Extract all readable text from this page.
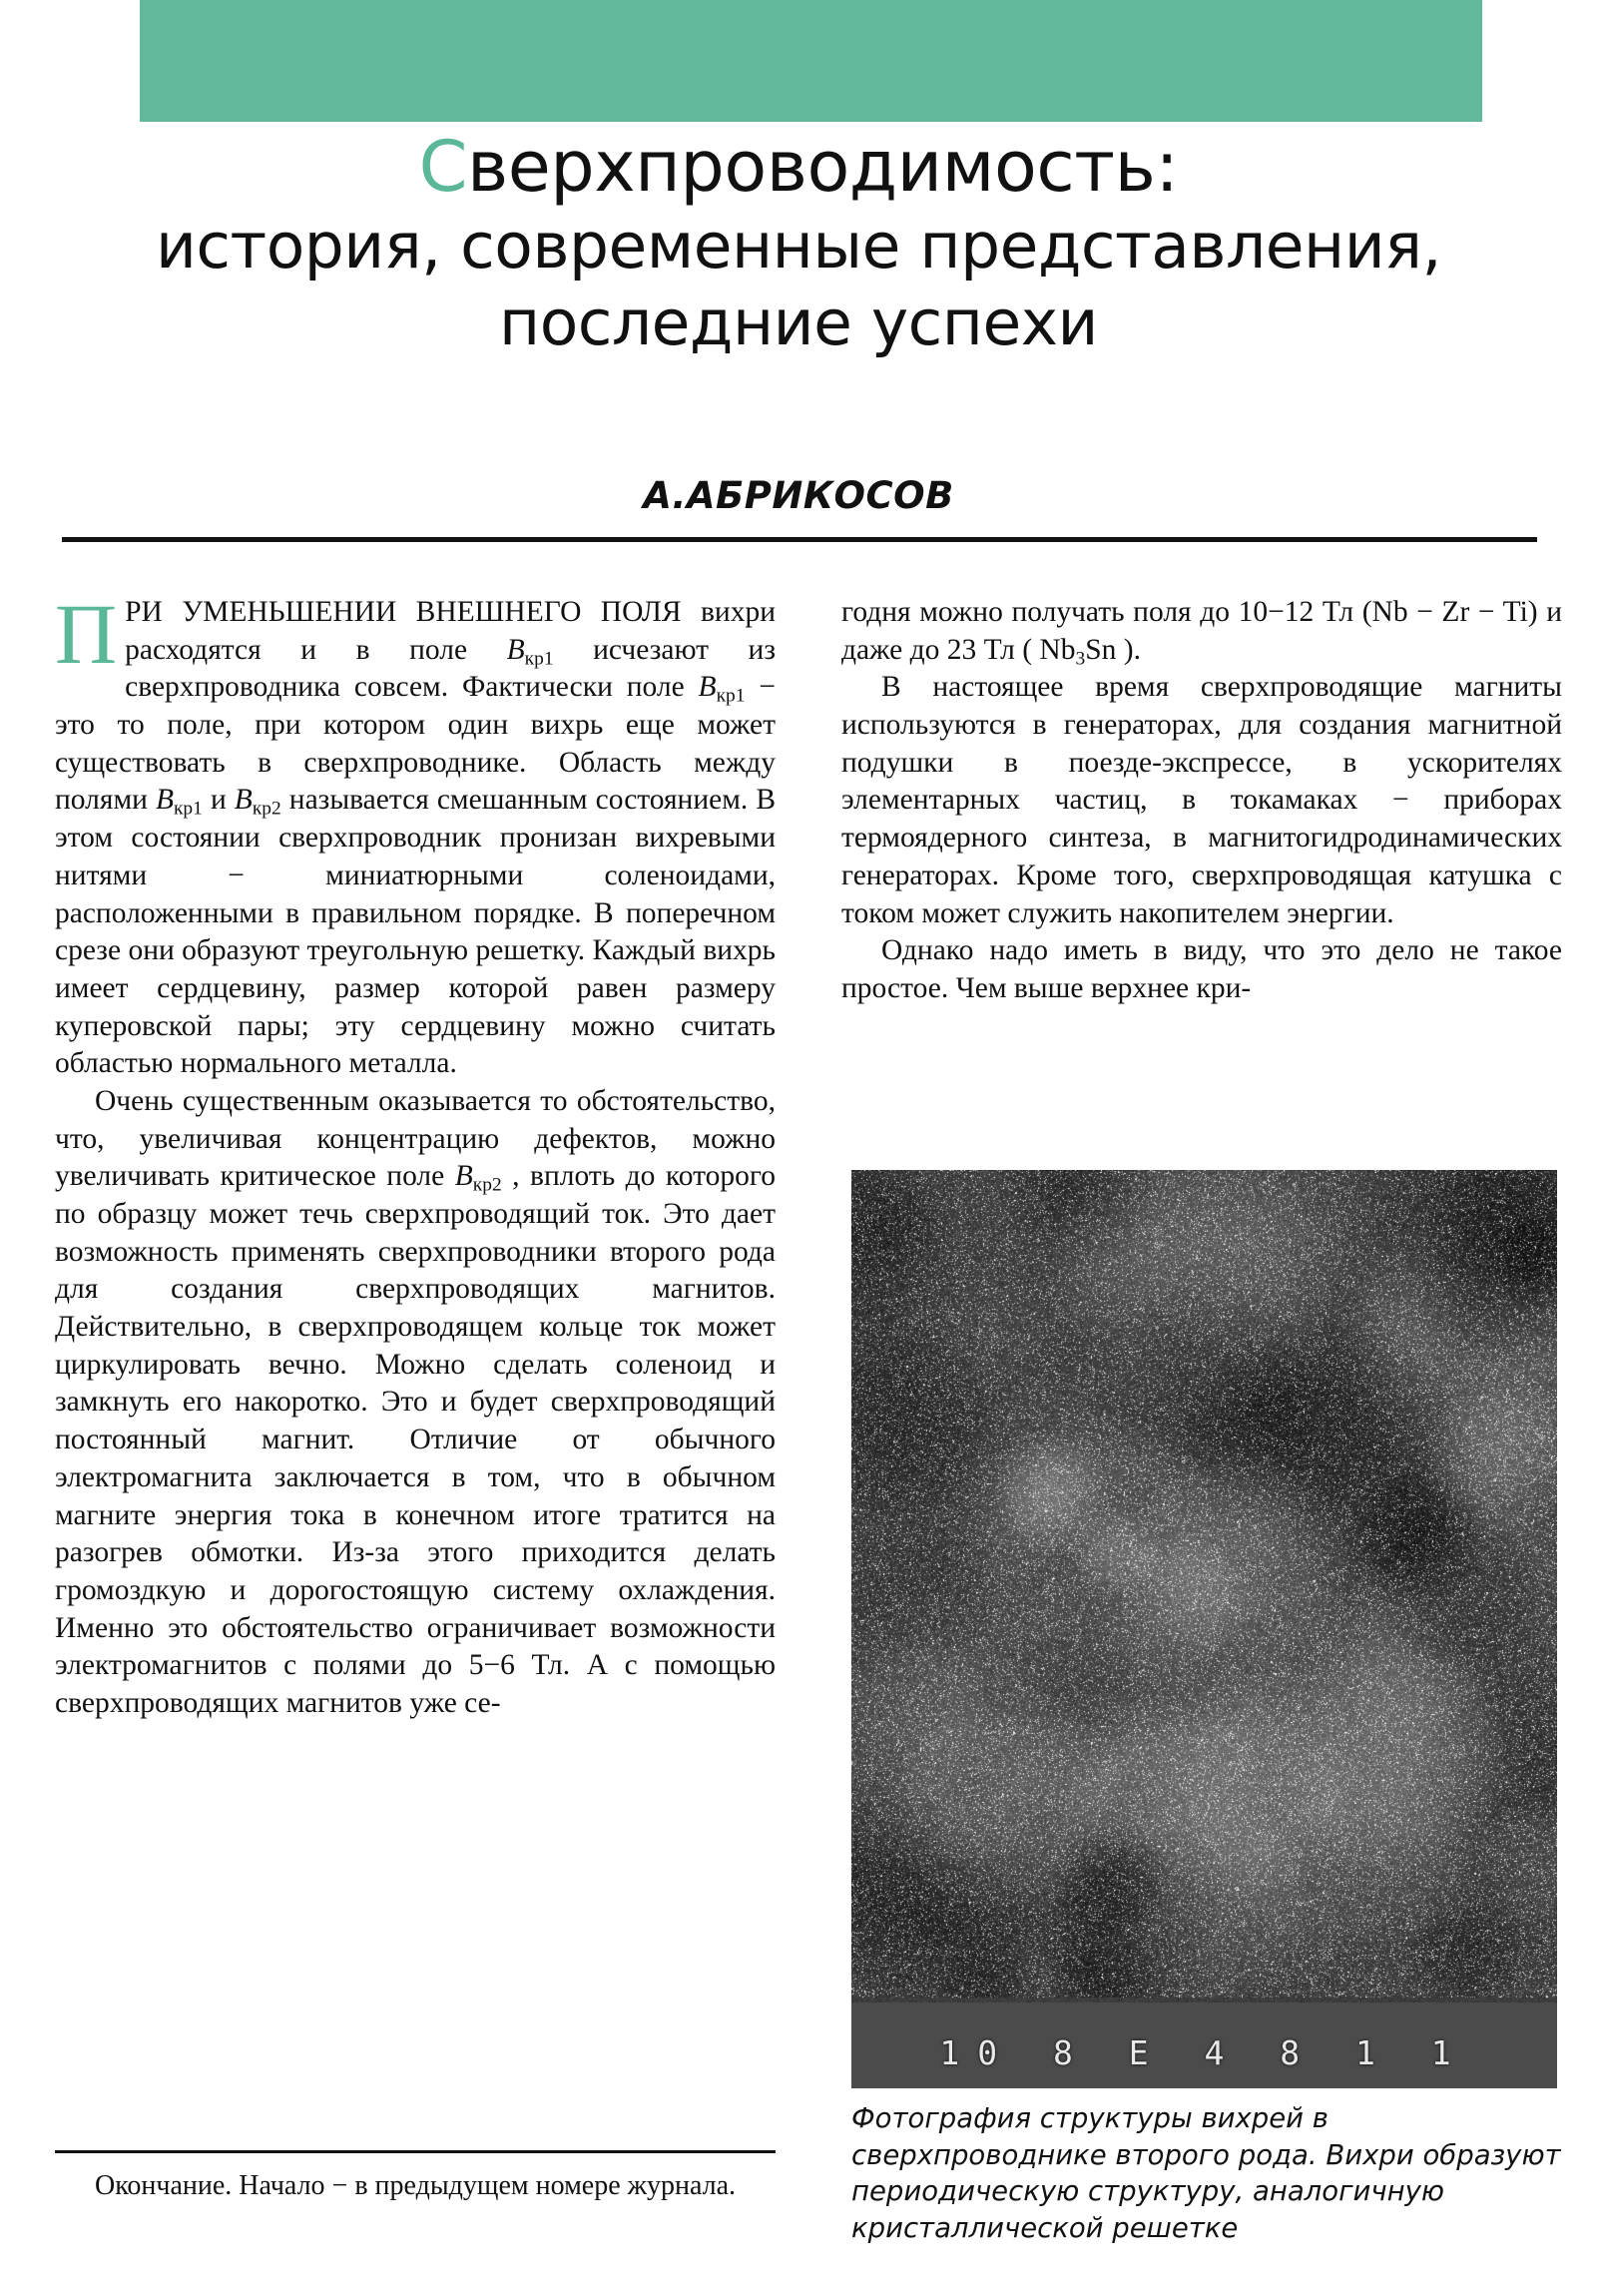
Сверхпроводимость:
история, современные представления,
последние успехи
А.АБРИКОСОВ

ПРИ УМЕНЬШЕНИИ ВНЕШНЕГО ПОЛЯ вихри расходятся и в поле $B_{кр1}$ исчезают из сверхпроводника совсем. Фактически поле $B_{кр1}$ − это то поле, при котором один вихрь еще может существовать в сверхпроводнике. Область между полями $B_{кр1}$ и $B_{кр2}$ называется смешанным состоянием. В этом состоянии сверхпроводник пронизан вихревыми нитями − миниатюрными соленоидами, расположенными в правильном порядке. В поперечном срезе они образуют треугольную решетку. Каждый вихрь имеет сердцевину, размер которой равен размеру куперовской пары; эту сердцевину можно считать областью нормального металла.

Очень существенным оказывается то обстоятельство, что, увеличивая концентрацию дефектов, можно увеличивать критическое поле $B_{кр2}$ , вплоть до которого по образцу может течь сверхпроводящий ток. Это дает возможность применять сверхпроводники второго рода для создания сверхпроводящих магнитов. Действительно, в сверхпроводящем кольце ток может циркулировать вечно. Можно сделать соленоид и замкнуть его накоротко. Это и будет сверхпроводящий постоянный магнит. Отличие от обычного электромагнита заключается в том, что в обычном магните энергия тока в конечном итоге тратится на разогрев обмотки. Из-за этого приходится делать громоздкую и дорогостоящую систему охлаждения. Именно это обстоятельство ограничивает возможности электромагнитов с полями до 5−6 Тл. А с помощью сверхпроводящих магнитов уже се-

Окончание. Начало − в предыдущем номере журнала.

годня можно получать поля до 10−12 Тл (Nb − Zr − Ti) и даже до 23 Тл ( $Nb_3Sn$ ).

В настоящее время сверхпроводящие магниты используются в генераторах, для создания магнитной подушки в поезде-экспрессе, в ускорителях элементарных частиц, в токамаках − приборах термоядерного синтеза, в магнитогидродинамических генераторах. Кроме того, сверхпроводящая катушка с током может служить накопителем энергии.

Однако надо иметь в виду, что это дело не такое простое. Чем выше верхнее кри-

10 8 E 4 8 1 1
Фотография структуры вихрей в сверхпроводнике второго рода. Вихри образуют периодическую структуру, аналогичную кристаллической решетке
